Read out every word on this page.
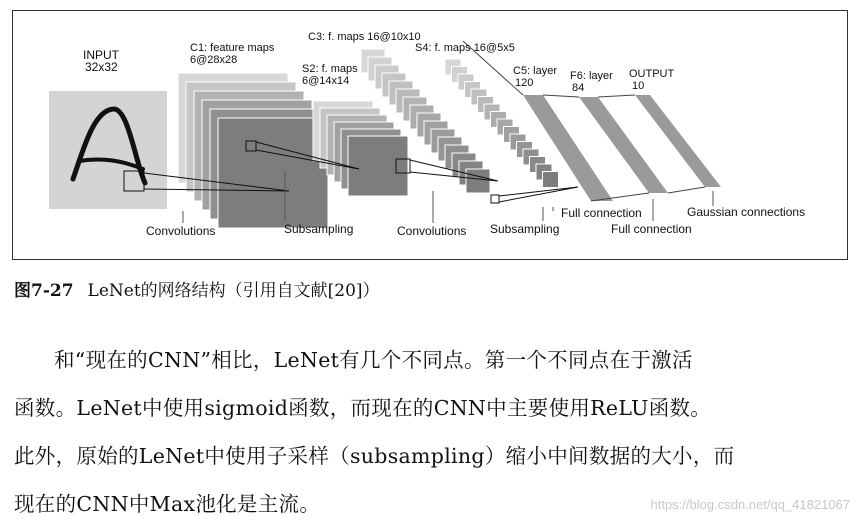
INPUT
32x32
C1: feature maps
6@28x28
S2: f. maps
6@14x14
C3: f. maps 16@10x10
S4: f. maps 16@5x5
C5: layer
120
F6: layer
84
OUTPUT
10
Convolutions	Subsampling	Convolutions Subsampling
Full connection
Full connection
Gaussian connections
图7-27 LeNet的网络结构（引用自文献[20]）
和“现在的CNN”相比，LeNet有几个不同点。第一个不同点在于激活
函数。LeNet中使用sigmoid函数，而现在的CNN中主要使用ReLU函数。
此外，原始的LeNet中使用子采样（subsampling）缩小中间数据的大小，而
现在的CNN中Max池化是主流。	https://blog.csdn.net/qq_41821067
